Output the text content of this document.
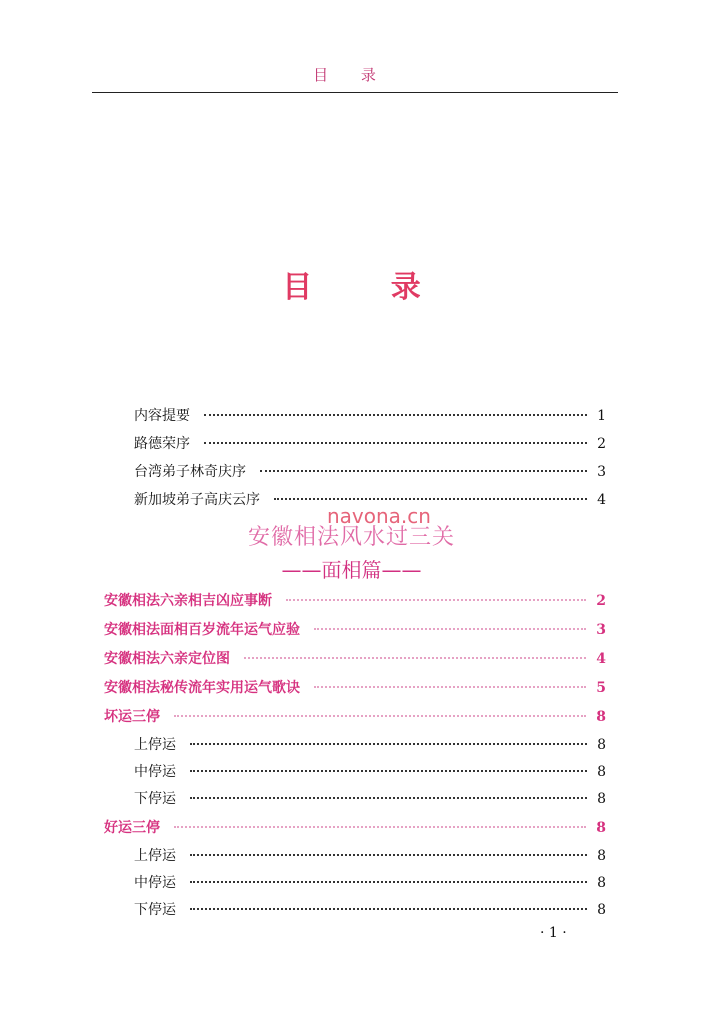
目 录
目 录
内容提要	1
路德荣序	2
台湾弟子林奇庆序	3
新加坡弟子高庆云序	4
安徽相法风水过三关
navona.cn
——面相篇——
安徽相法六亲相吉凶应事断	2
安徽相法面相百岁流年运气应验	3
安徽相法六亲定位图	4
安徽相法秘传流年实用运气歌诀	5
坏运三停	8
上停运	8
中停运	8
下停运	8
好运三停	8
上停运	8
中停运	8
下停运	8
· 1 ·
